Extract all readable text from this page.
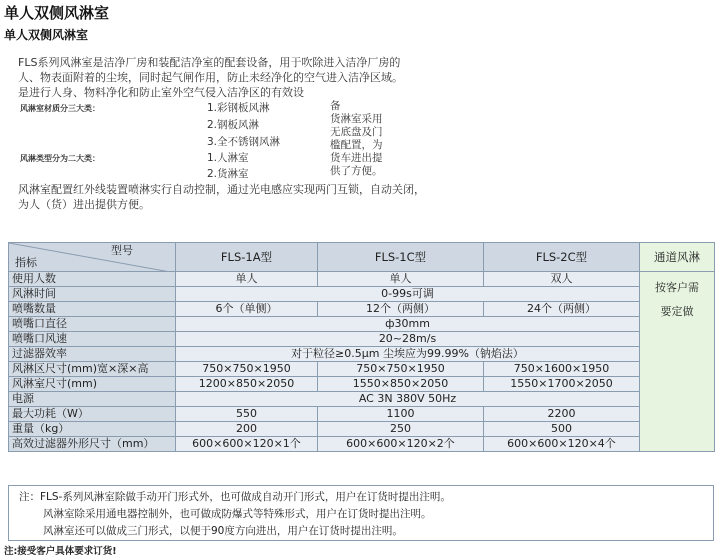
单人双侧风淋室
单人双侧风淋室
FLS系列风淋室是洁净厂房和装配洁净室的配套设备，用于吹除进入洁净厂房的人、物表面附着的尘埃，同时起气闸作用，防止未经净化的空气进入洁净区域。是进行人身、物料净化和防止室外空气侵入洁净区的有效设
风淋室材质分三大类：	1.彩钢板风淋
2.钢板风淋
3.全不锈钢风淋
风淋类型分为二大类：	1.人淋室
2.货淋室
备
货淋室采用
无底盘及门
槛配置，为
货车进出提
供了方便。
风淋室配置红外线装置喷淋实行自动控制，通过光电感应实现两门互锁，自动关闭，为人（货）进出提供方便。
型号
指标	FLS-1A型	FLS-1C型	FLS-2C型	通道风淋
使用人数	单人	单人	双人	按客户需
要定做

风淋时间	0-99s可调			
喷嘴数量	6个（单侧）	12个（两侧）	24个（两侧）	
喷嘴口直径	ф30mm			
喷嘴口风速	20~28m/s			
过滤器效率	对于粒径≥0.5μm 尘埃应为99.99%（钠焰法）			
风淋区尺寸(mm)宽×深×高	750×750×1950	750×750×1950	750×1600×1950	
风淋室尺寸(mm)	1200×850×2050	1550×850×2050	1550×1700×2050	
电源	AC 3N 380V 50Hz			
最大功耗（W）	550	1100	2200	
重量（kg）	200	250	500	
高效过滤器外形尺寸（mm）	600×600×120×1个	600×600×120×2个	600×600×120×4个	
注：FLS-系列风淋室除做手动开门形式外，也可做成自动开门形式，用户在订货时提出注明。
风淋室除采用通电器控制外，也可做成防爆式等特殊形式，用户在订货时提出注明。
风淋室还可以做成三门形式，以便于90度方向进出，用户在订货时提出注明。
注:接受客户具体要求订货!
